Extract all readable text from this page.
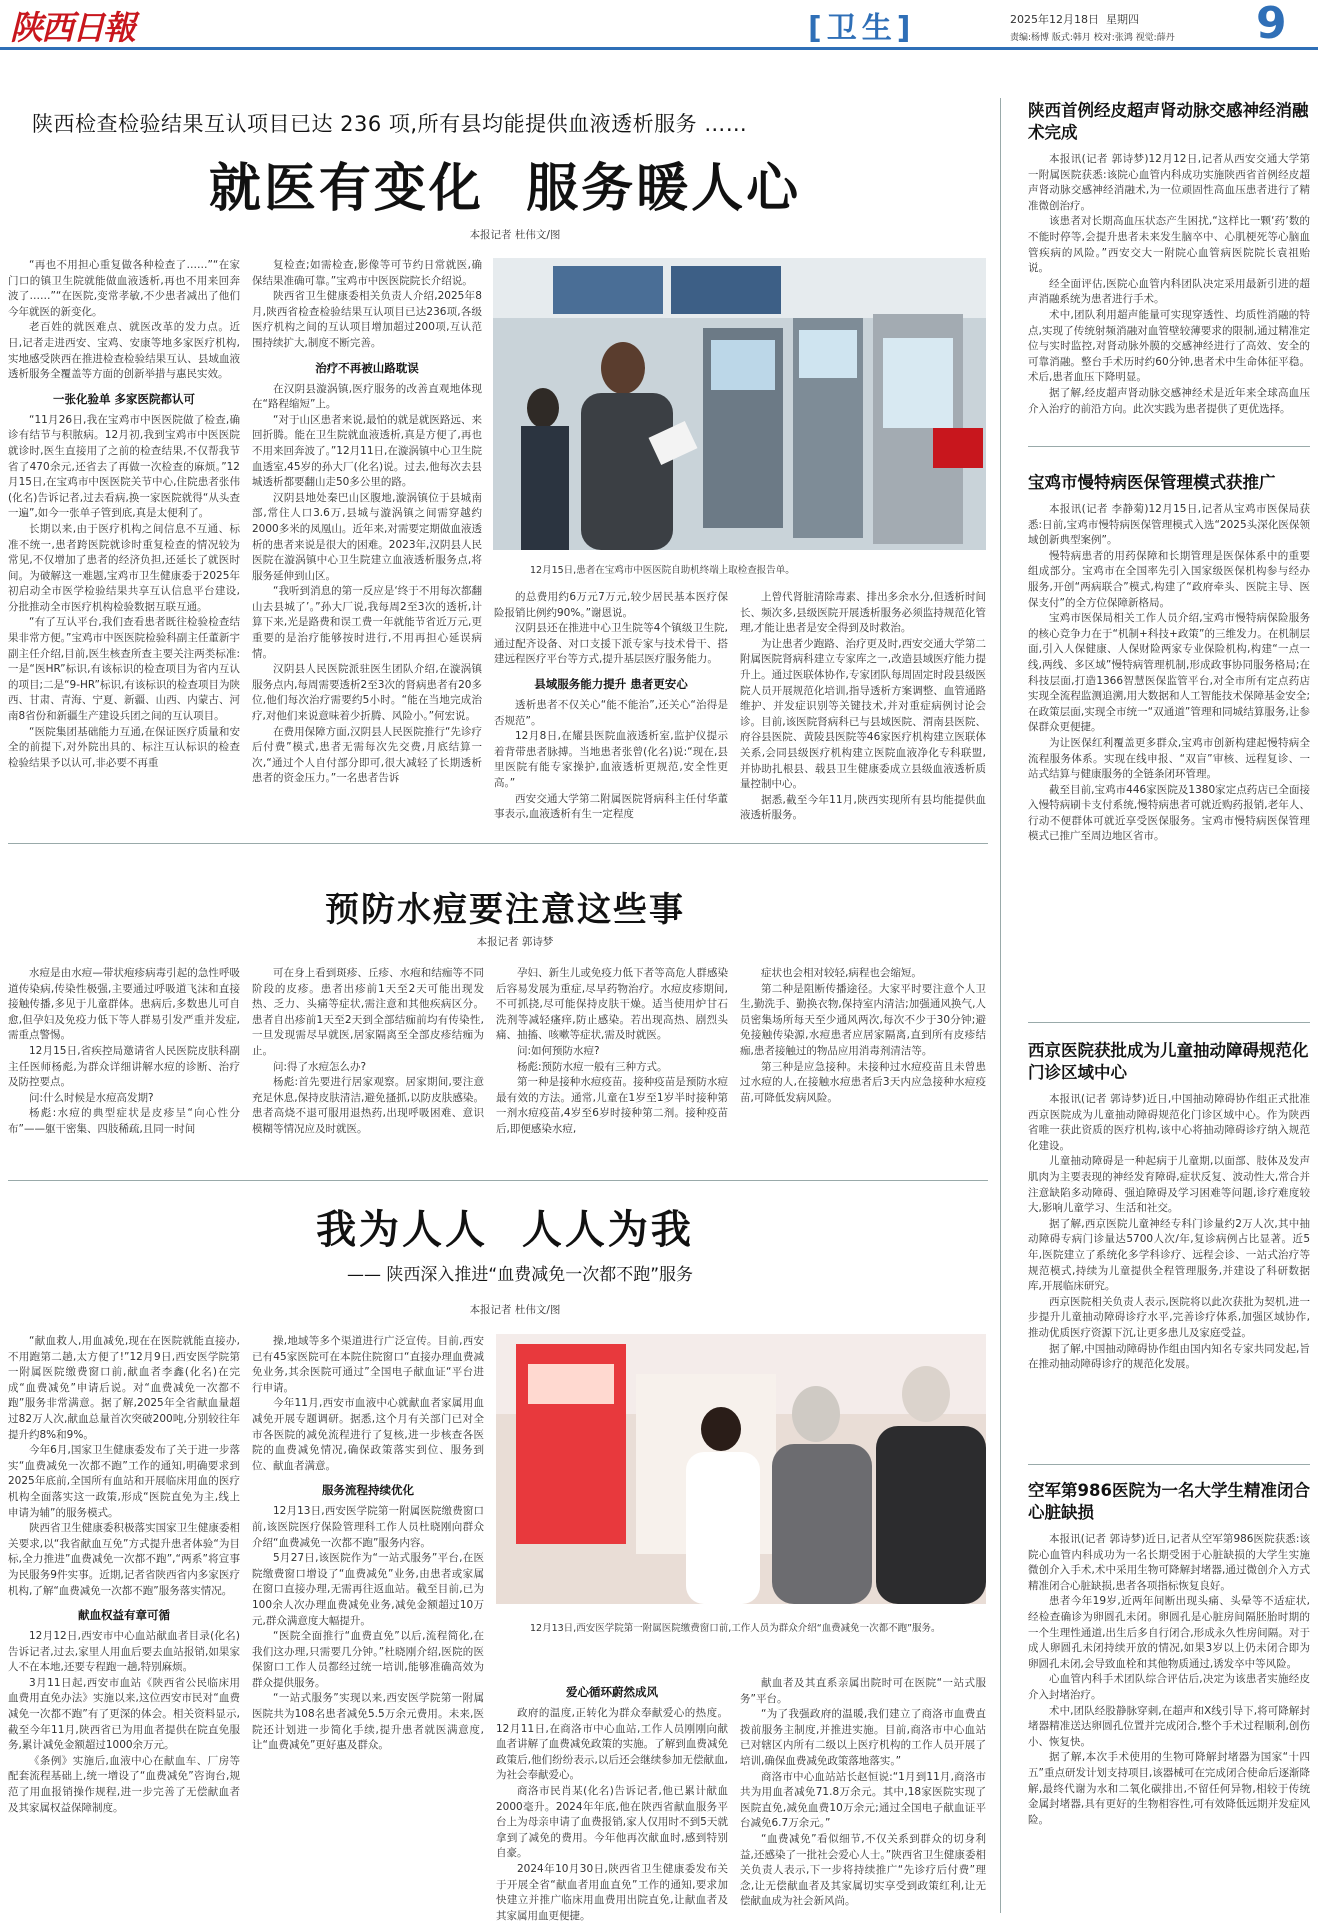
陕西日報	[卫生]	2025年12月18日 星期四
责编:杨博 版式:韩月 校对:张鸿 视觉:薛丹 9
陕西检查检验结果互认项目已达 236 项,所有县均能提供血液透析服务 ……
就医有变化  服务暖人心
本报记者 杜伟文/图
“再也不用担心重复做各种检查了……”“在家门口的镇卫生院就能做血液透析,再也不用来回奔波了……”“在医院,变常孝敏,不少患者减出了他们今年就医的新变化。
老百姓的就医难点、就医改革的发力点。近日,记者走进西安、宝鸡、安康等地多家医疗机构,实地感受陕西在推进检查检验结果互认、县域血液透析服务全覆盖等方面的创新举措与惠民实效。
一张化验单 多家医院都认可
“11月26日,我在宝鸡市中医医院做了检查,确诊有结节与积脓病。12月初,我到宝鸡市中医医院就诊时,医生直接用了之前的检查结果,不仅帮我节省了470余元,还省去了再做一次检查的麻烦。”12月15日,在宝鸡市中医医院关节中心,住院患者张伟(化名)告诉记者,过去看病,换一家医院就得“从头查一遍”,如今一张单子管到底,真是太便利了。
长期以来,由于医疗机构之间信息不互通、标准不统一,患者跨医院就诊时重复检查的情况较为常见,不仅增加了患者的经济负担,还延长了就医时间。为破解这一难题,宝鸡市卫生健康委于2025年初启动全市医学检验结果共享互认信息平台建设,分批推动全市医疗机构检验数据互联互通。
“有了互认平台,我们查看患者既往检验检查结果非常方便。”宝鸡市中医医院检验科副主任董新宇副主任介绍,目前,医生核查所查主要关注两类标准:一是“医HR”标识,有该标识的检查项目为省内互认的项目;二是“9-HR”标识,有该标识的检查项目为陕西、甘肃、青海、宁夏、新疆、山西、内蒙古、河南8省份和新疆生产建设兵团之间的互认项目。
“医院集团基础能力互通,在保证医疗质量和安全的前提下,对外院出具的、标注互认标识的检查检验结果予以认可,非必要不再重
复检查;如需检查,影像等可节约日常就医,确保结果准确可靠。”宝鸡市中医医院院长介绍说。
陕西省卫生健康委相关负责人介绍,2025年8月,陕西省检查检验结果互认项目已达236项,各级医疗机构之间的互认项目增加超过200项,互认范围持续扩大,制度不断完善。
治疗不再被山路耽误
在汉阴县漩涡镇,医疗服务的改善直观地体现在“路程缩短”上。
“对于山区患者来说,最怕的就是就医路远、来回折腾。能在卫生院就血液透析,真是方便了,再也不用来回奔波了。”12月11日,在漩涡镇中心卫生院血透室,45岁的孙大厂(化名)说。过去,他每次去县城透析都要翻山走50多公里的路。
汉阴县地处秦巴山区腹地,漩涡镇位于县城南部,常住人口3.6万,县城与漩涡镇之间需穿越约2000多米的凤凰山。近年来,对需要定期做血液透析的患者来说是很大的困难。2023年,汉阴县人民医院在漩涡镇中心卫生院建立血液透析服务点,将服务延伸到山区。
“我听到消息的第一反应是‘终于不用每次都翻山去县城了’。”孙大厂说,我每周2至3次的透析,计算下来,光是路费和误工费一年就能节省近万元,更重要的是治疗能够按时进行,不用再担心延误病情。
汉阴县人民医院派驻医生团队介绍,在漩涡镇服务点内,每周需要透析2至3次的肾病患者有20多位,他们每次治疗需要约5小时。“能在当地完成治疗,对他们来说意味着少折腾、风险小。”何宏说。
在费用保障方面,汉阴县人民医院推行“先诊疗后付费”模式,患者无需每次先交费,月底结算一次,“通过个人自付部分即可,很大减轻了长期透析患者的资金压力。”一名患者告诉
12月15日,患者在宝鸡市中医医院自助机终端上取检查报告单。
的总费用约6万元7万元,较少居民基本医疗保险报销比例约90%。”谢恩说。
汉阴县还在推进中心卫生院等4个镇级卫生院,通过配齐设备、对口支援下派专家与技术骨干、搭建远程医疗平台等方式,提升基层医疗服务能力。
县域服务能力提升 患者更安心
透析患者不仅关心“能不能治”,还关心“治得是否规范”。
12月8日,在耀县医院血液透析室,监护仪提示着背带患者脉搏。当地患者张曾(化名)说:“现在,县里医院有能专家操护,血液透析更规范,安全性更高。”
西安交通大学第二附属医院肾病科主任付华董事表示,血液透析有生一定程度
上曾代肾脏清除毒素、排出多余水分,但透析时间长、频次多,县级医院开展透析服务必须监持规范化管理,才能让患者是安全得到及时救治。
为让患者少跑路、治疗更及时,西安交通大学第二附属医院肾病科建立专家库之一,改造县域医疗能力提升上。通过医联体协作,专家团队每周固定时段县级医院人员开展规范化培训,指导透析方案调整、血管通路维护、并发症识别等关键技术,并对重症病例讨论会诊。目前,该医院肾病科已与县域医院、渭南县医院、府谷县医院、黄陵县医院等46家医疗机构建立医联体关系,会同县级医疗机构建立医院血液净化专科联盟,并协助扎根县、载县卫生健康委成立县级血液透析质量控制中心。
据悉,截至今年11月,陕西实现所有县均能提供血液透析服务。
预防水痘要注意这些事
本报记者 郭诗梦
水痘是由水痘—带状疱疹病毒引起的急性呼吸道传染病,传染性极强,主要通过呼吸道飞沫和直接接触传播,多见于儿童群体。患病后,多数患儿可自愈,但孕妇及免疫力低下等人群易引发严重并发症,需重点警惕。
12月15日,省疾控局邀请省人民医院皮肤科副主任医师杨彪,为群众详细讲解水痘的诊断、治疗及防控要点。
问:什么时候是水痘高发期?
杨彪:水痘的典型症状是皮疹呈“向心性分布”——躯干密集、四肢稀疏,且同一时间
可在身上看到斑疹、丘疹、水疱和结痂等不同阶段的皮疹。患者出疹前1天至2天可能出现发热、乏力、头痛等症状,需注意和其他疾病区分。患者自出疹前1天至2天到全部结痂前均有传染性,一旦发现需尽早就医,居家隔离至全部皮疹结痂为止。
问:得了水痘怎么办?
杨彪:首先要进行居家观察。居家期间,要注意充足休息,保持皮肤清洁,避免搔抓,以防皮肤感染。患者高烧不退可服用退热药,出现呼吸困难、意识模糊等情况应及时就医。
孕妇、新生儿或免疫力低下者等高危人群感染后容易发展为重症,尽早药物治疗。水痘皮疹期间,不可抓挠,尽可能保持皮肤干燥。适当使用炉甘石洗剂等减轻瘙痒,防止感染。若出现高热、剧烈头痛、抽搐、咳嗽等症状,需及时就医。
问:如何预防水痘?
杨彪:预防水痘一般有三种方式。
第一种是接种水痘疫苗。接种疫苗是预防水痘最有效的方法。通常,儿童在1岁至1岁半时接种第一剂水痘疫苗,4岁至6岁时接种第二剂。接种疫苗后,即便感染水痘,
症状也会相对较轻,病程也会缩短。
第二种是阻断传播途径。大家平时要注意个人卫生,勤洗手、勤换衣物,保持室内清洁;加强通风换气,人员密集场所每天至少通风两次,每次不少于30分钟;避免接触传染源,水痘患者应居家隔离,直到所有皮疹结痂,患者接触过的物品应用消毒剂清洁等。
第三种是应急接种。未接种过水痘疫苗且未曾患过水痘的人,在接触水痘患者后3天内应急接种水痘疫苗,可降低发病风险。
我为人人  人人为我
—— 陕西深入推进“血费减免一次都不跑”服务
本报记者 杜伟文/图
“献血救人,用血减免,现在在医院就能直接办,不用跑第二趟,太方便了!”12月9日,西安医学院第一附属医院缴费窗口前,献血者李鑫(化名)在完成“血费减免”申请后说。对“血费减免一次都不跑”服务非常满意。据了解,2025年全省献血量超过82万人次,献血总量首次突破200吨,分别较往年提升约8%和9%。
今年6月,国家卫生健康委发布了关于进一步落实“血费减免一次都不跑”工作的通知,明确要求到2025年底前,全国所有血站和开展临床用血的医疗机构全面落实这一政策,形成“医院直免为主,线上申请为辅”的服务模式。
陕西省卫生健康委积极落实国家卫生健康委相关要求,以“我省献血互免”方式提升患者体验“为目标,全力推进”血费减免一次都不跑”,“两系”将宣事为民服务9件实事。近期,记者省陕西省内多家医疗机构,了解“血费减免一次都不跑”服务落实情况。
献血权益有章可循
12月12日,西安市中心血站献血者目录(化名)告诉记者,过去,家里人用血后要去血站报销,如果家人不在本地,还要专程跑一趟,特别麻烦。
3月11日起,西安市血站《陕西省公民临床用血费用直免办法》实施以来,这位西安市民对“血费减免一次都不跑”有了更深的体会。相关资料显示,截至今年11月,陕西省已为用血者提供在院直免服务,累计减免金额超过1000余万元。
《条例》实施后,血液中心在献血车、厂房等配套流程基础上,统一增设了“血费减免”咨询台,规范了用血报销操作规程,进一步完善了无偿献血者及其家属权益保障制度。
操,地域等多个渠道进行广泛宣传。目前,西安已有45家医院可在本院住院窗口“直接办理血费减免业务,其余医院可通过”全国电子献血证“平台进行申请。
今年11月,西安市血液中心就献血者家属用血减免开展专题调研。据悉,这个月有关部门已对全市各医院的减免流程进行了复核,进一步核查各医院的血费减免情况,确保政策落实到位、服务到位、献血者满意。
服务流程持续优化
12月13日,西安医学院第一附属医院缴费窗口前,该医院医疗保险管理科工作人员杜晓刚向群众介绍“血费减免一次都不跑”服务内容。
5月27日,该医院作为“一站式服务”平台,在医院缴费窗口增设了“血费减免”业务,由患者或家属在窗口直接办理,无需再往返血站。截至目前,已为100余人次办理血费减免业务,减免金额超过10万元,群众满意度大幅提升。
“医院全面推行“血费直免”以后,流程简化,在我们这办理,只需要几分钟。”杜晓刚介绍,医院的医保窗口工作人员都经过统一培训,能够准确高效为群众提供服务。
“一站式服务”实现以来,西安医学院第一附属医院共为108名患者减免5.5万余元费用。未来,医院还计划进一步简化手续,提升患者就医满意度,让“血费减免”更好惠及群众。
12月13日,西安医学院第一附属医院缴费窗口前,工作人员为群众介绍“血费减免一次都不跑”服务。
爱心循环蔚然成风
政府的温度,正转化为群众奉献爱心的热度。12月11日,在商洛市中心血站,工作人员刚刚向献血者讲解了血费减免政策的实施。了解到血费减免政策后,他们纷纷表示,以后还会继续参加无偿献血,为社会奉献爱心。
商洛市民肖某(化名)告诉记者,他已累计献血2000毫升。2024年年底,他在陕西省献血服务平台上为母亲申请了血费报销,家人仅用时不到5天就拿到了减免的费用。今年他再次献血时,感到特别自豪。
2024年10月30日,陕西省卫生健康委发布关于开展全省“献血者用血直免”工作的通知,要求加快建立并推广临床用血费用出院直免,让献血者及其家属用血更便捷。
献血者及其直系亲属出院时可在医院“一站式服务”平台。
“为了我强政府的温暖,我们建立了商洛市血费直拨前服务主制度,并推进实施。目前,商洛市中心血站已对辖区内所有二级以上医疗机构的工作人员开展了培训,确保血费减免政策落地落实。”
商洛市中心血站站长赵恒说:“1月到11月,商洛市共为用血者减免71.8万余元。其中,18家医院实现了医院直免,减免血费10万余元;通过全国电子献血证平台减免6.7万余元。”
“血费减免”看似细节,不仅关系到群众的切身利益,还感染了一批社会爱心人士。”陕西省卫生健康委相关负责人表示,下一步将持续推广“先诊疗后付费”理念,让无偿献血者及其家属切实享受到政策红利,让无偿献血成为社会新风尚。
陕西首例经皮超声肾动脉交感神经消融术完成
本报讯(记者 郭诗梦)12月12日,记者从西安交通大学第一附属医院获悉:该院心血管内科成功实施陕西省首例经皮超声肾动脉交感神经消融术,为一位顽固性高血压患者进行了精准微创治疗。
该患者对长期高血压状态产生困扰,“这样比一颗‘药’数的不能时停等,会提升患者未来发生脑卒中、心肌梗死等心脑血管疾病的风险。”西安交大一附院心血管病医院院长袁祖贻说。
经全面评估,医院心血管内科团队决定采用最新引进的超声消融系统为患者进行手术。
术中,团队利用超声能量可实现穿透性、均质性消融的特点,实现了传统射频消融对血管壁较薄要求的限制,通过精准定位与实时监控,对肾动脉外膜的交感神经进行了高效、安全的可靠消融。整台手术历时约60分钟,患者术中生命体征平稳。术后,患者血压下降明显。
据了解,经皮超声肾动脉交感神经术是近年来全球高血压介入治疗的前沿方向。此次实践为患者提供了更优选择。
宝鸡市慢特病医保管理模式获推广
本报讯(记者 李静菊)12月15日,记者从宝鸡市医保局获悉:日前,宝鸡市慢特病医保管理模式入选“2025头深化医保领域创新典型案例”。
慢特病患者的用药保障和长期管理是医保体系中的重要组成部分。宝鸡市在全国率先引入国家级医保机构参与经办服务,开创“两病联合”模式,构建了“政府牵头、医院主导、医保支付”的全方位保障新格局。
宝鸡市医保局相关工作人员介绍,宝鸡市慢特病保险服务的核心竞争力在于“机制+科技+政策”的三维发力。在机制层面,引入人保健康、人保财险两家专业保险机构,构建“一点一线,两线、多区域”慢特病管理机制,形成政事协同服务格局;在科技层面,打造1366智慧医保监管平台,对全市所有定点药店实现全流程监测追溯,用大数据和人工智能技术保障基金安全;在政策层面,实现全市统一“双通道”管理和同城结算服务,让参保群众更便捷。
为让医保红利覆盖更多群众,宝鸡市创新构建起慢特病全流程服务体系。实现在线申报、“双盲”审核、远程复诊、一站式结算与健康服务的全链条闭环管理。
截至目前,宝鸡市446家医院及1380家定点药店已全面接入慢特病刷卡支付系统,慢特病患者可就近购药报销,老年人、行动不便群体可就近享受医保服务。宝鸡市慢特病医保管理模式已推广至周边地区省市。
西京医院获批成为儿童抽动障碍规范化门诊区域中心
本报讯(记者 郭诗梦)近日,中国抽动障碍协作组正式批准西京医院成为儿童抽动障碍规范化门诊区域中心。作为陕西省唯一获此资质的医疗机构,该中心将抽动障碍诊疗纳入规范化建设。
儿童抽动障碍是一种起病于儿童期,以面部、肢体及发声肌肉为主要表现的神经发育障碍,症状反复、波动性大,常合并注意缺陷多动障碍、强迫障碍及学习困难等问题,诊疗难度较大,影响儿童学习、生活和社交。
据了解,西京医院儿童神经专科门诊量约2万人次,其中抽动障碍专病门诊量达5700人次/年,复诊病例占比显著。近5年,医院建立了系统化多学科诊疗、远程会诊、一站式治疗等规范模式,持续为儿童提供全程管理服务,并建设了科研数据库,开展临床研究。
西京医院相关负责人表示,医院将以此次获批为契机,进一步提升儿童抽动障碍诊疗水平,完善诊疗体系,加强区域协作,推动优质医疗资源下沉,让更多患儿及家庭受益。
据了解,中国抽动障碍协作组由国内知名专家共同发起,旨在推动抽动障碍诊疗的规范化发展。
空军第986医院为一名大学生精准闭合心脏缺损
本报讯(记者 郭诗梦)近日,记者从空军第986医院获悉:该院心血管内科成功为一名长期受困于心脏缺损的大学生实施微创介入手术,术中采用生物可降解封堵器,通过微创介入方式精准闭合心脏缺损,患者各项指标恢复良好。
患者今年19岁,近两年间断出现头痛、头晕等不适症状,经检查确诊为卵圆孔未闭。卵圆孔是心脏房间隔胚胎时期的一个生理性通道,出生后多自行闭合,形成永久性房间隔。对于成人卵圆孔未闭持续开放的情况,如果3岁以上仍未闭合即为卵圆孔未闭,会导致血栓和其他物质通过,诱发卒中等风险。
心血管内科手术团队综合评估后,决定为该患者实施经皮介入封堵治疗。
术中,团队经股静脉穿刺,在超声和X线引导下,将可降解封堵器精准送达卵圆孔位置并完成闭合,整个手术过程顺利,创伤小、恢复快。
据了解,本次手术使用的生物可降解封堵器为国家“十四五”重点研发计划支持项目,该器械可在完成闭合使命后逐渐降解,最终代谢为水和二氧化碳排出,不留任何异物,相较于传统金属封堵器,具有更好的生物相容性,可有效降低远期并发症风险。
